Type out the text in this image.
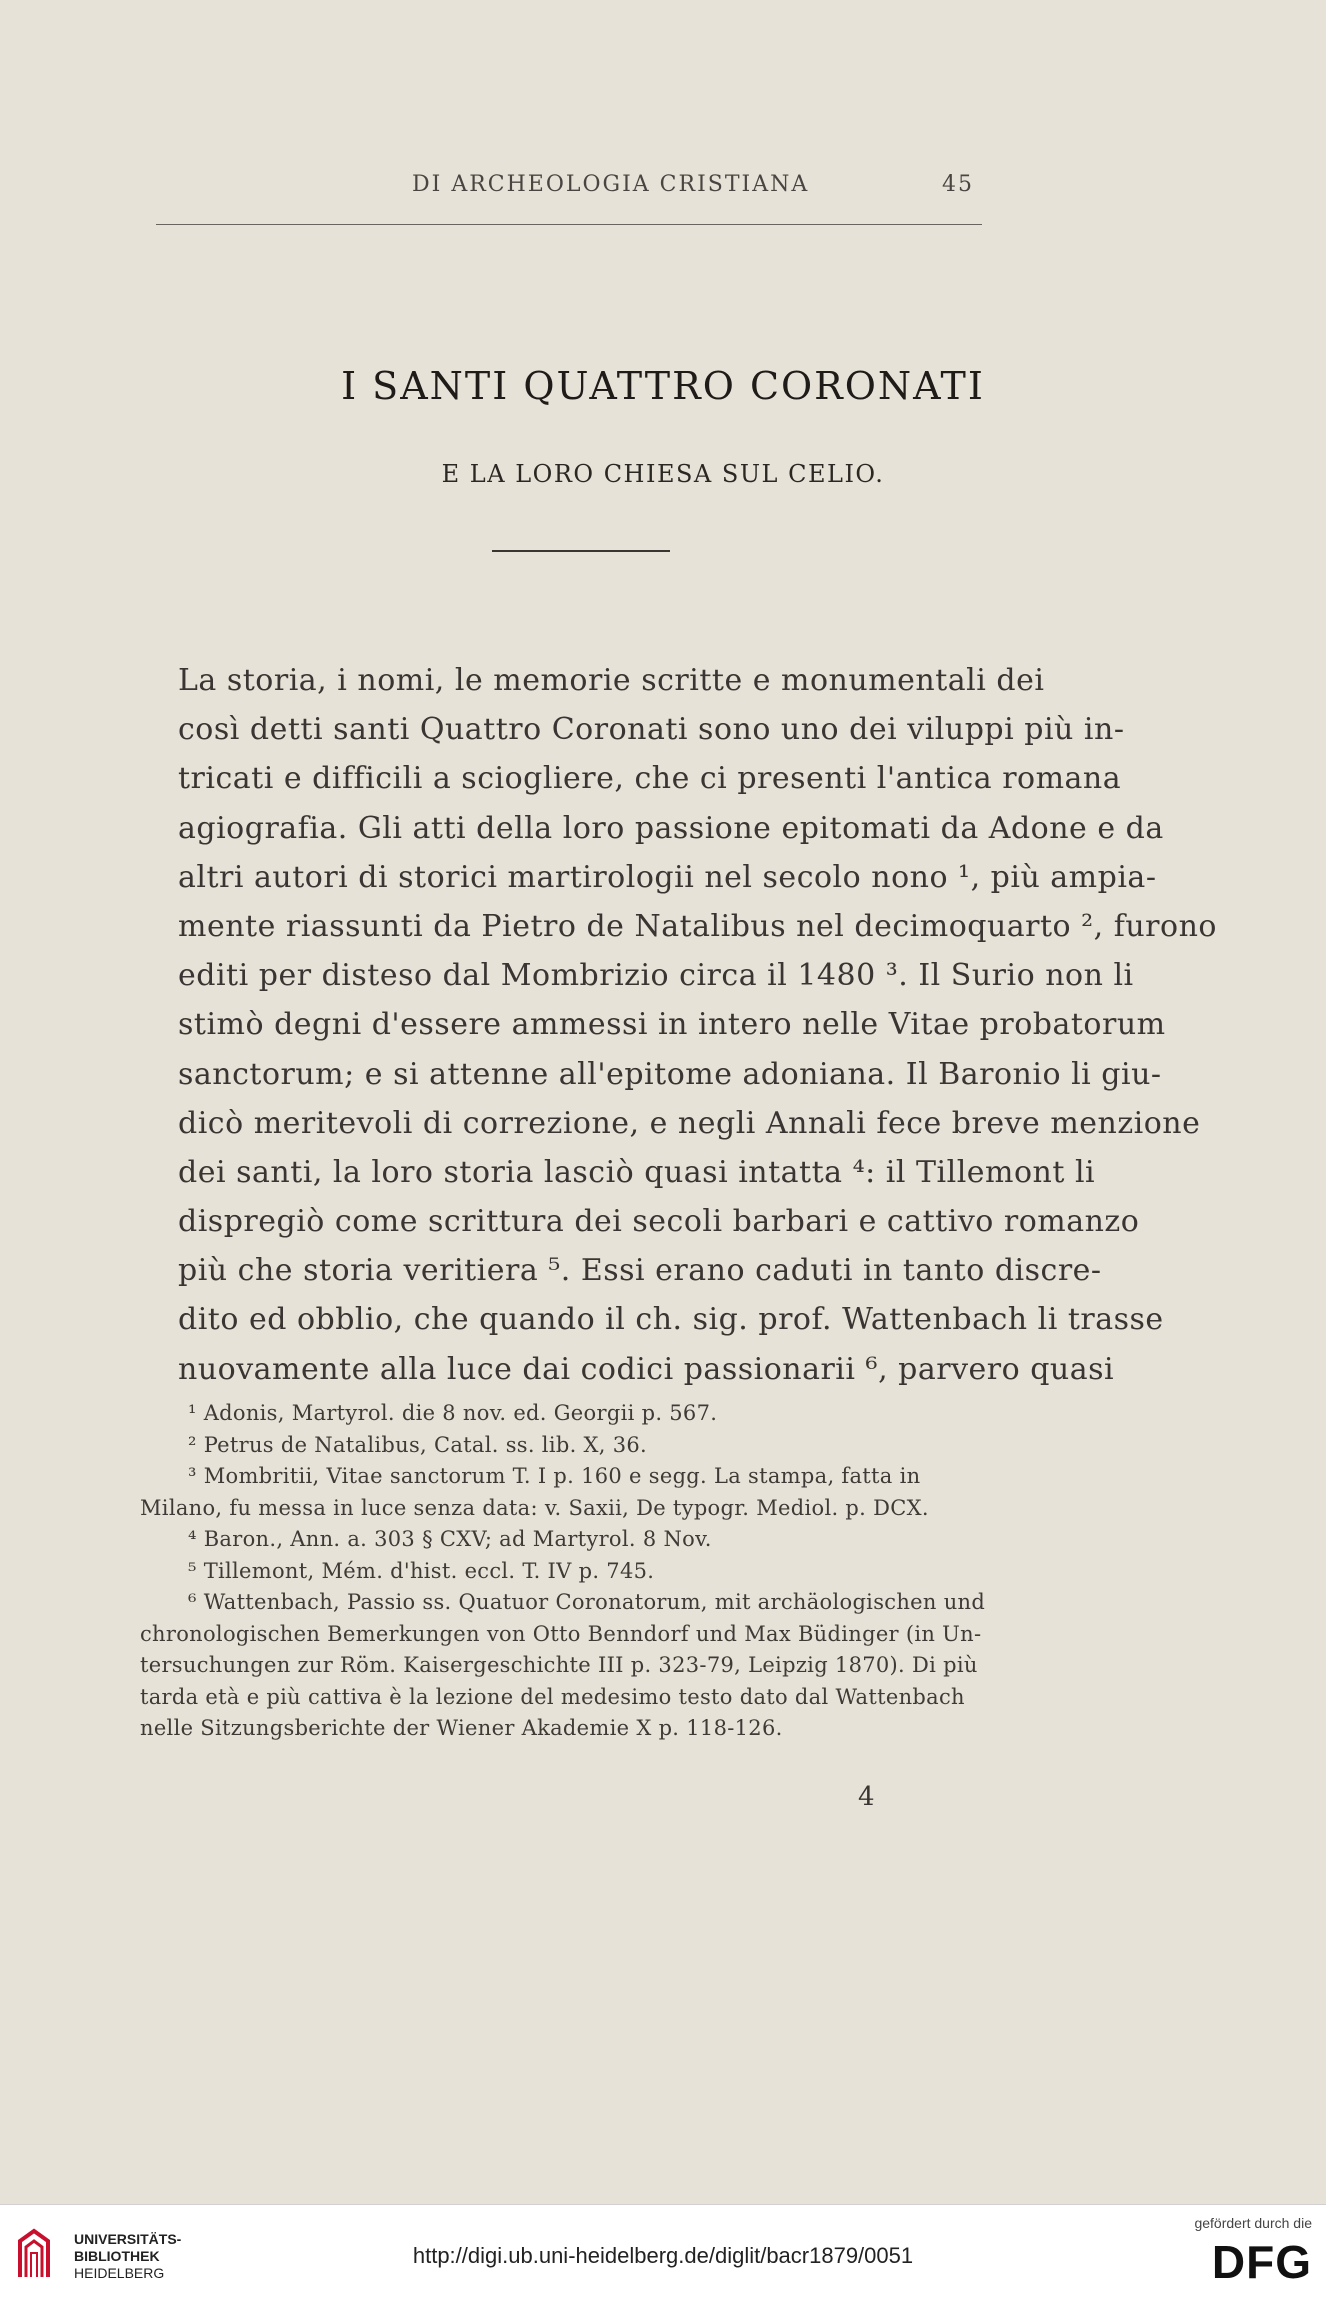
DI ARCHEOLOGIA CRISTIANA	45
I SANTI QUATTRO CORONATI
E LA LORO CHIESA SUL CELIO.
La storia, i nomi, le memorie scritte e monumentali dei
così detti santi Quattro Coronati sono uno dei viluppi più in-
tricati e difficili a sciogliere, che ci presenti l'antica romana
agiografia. Gli atti della loro passione epitomati da Adone e da
altri autori di storici martirologii nel secolo nono ¹, più ampia-
mente riassunti da Pietro de Natalibus nel decimoquarto ², furono
editi per disteso dal Mombrizio circa il 1480 ³. Il Surio non li
stimò degni d'essere ammessi in intero nelle Vitae probatorum
sanctorum; e si attenne all'epitome adoniana. Il Baronio li giu-
dicò meritevoli di correzione, e negli Annali fece breve menzione
dei santi, la loro storia lasciò quasi intatta ⁴: il Tillemont li
dispregiò come scrittura dei secoli barbari e cattivo romanzo
più che storia veritiera ⁵. Essi erano caduti in tanto discre-
dito ed obblio, che quando il ch. sig. prof. Wattenbach li trasse
nuovamente alla luce dai codici passionarii ⁶, parvero quasi
¹ Adonis, Martyrol. die 8 nov. ed. Georgii p. 567.
² Petrus de Natalibus, Catal. ss. lib. X, 36.
³ Mombritii, Vitae sanctorum T. I p. 160 e segg. La stampa, fatta in
Milano, fu messa in luce senza data: v. Saxii, De typogr. Mediol. p. DCX.
⁴ Baron., Ann. a. 303 § CXV; ad Martyrol. 8 Nov.
⁵ Tillemont, Mém. d'hist. eccl. T. IV p. 745.
⁶ Wattenbach, Passio ss. Quatuor Coronatorum, mit archäologischen und
chronologischen Bemerkungen von Otto Benndorf und Max Büdinger (in Un-
tersuchungen zur Röm. Kaisergeschichte III p. 323-79, Leipzig 1870). Di più
tarda età e più cattiva è la lezione del medesimo testo dato dal Wattenbach
nelle Sitzungsberichte der Wiener Akademie X p. 118-126.
4
UNIVERSITÄTS-
BIBLIOTHEK
HEIDELBERG
http://digi.ub.uni-heidelberg.de/diglit/bacr1879/0051
gefördert durch die
DFG
